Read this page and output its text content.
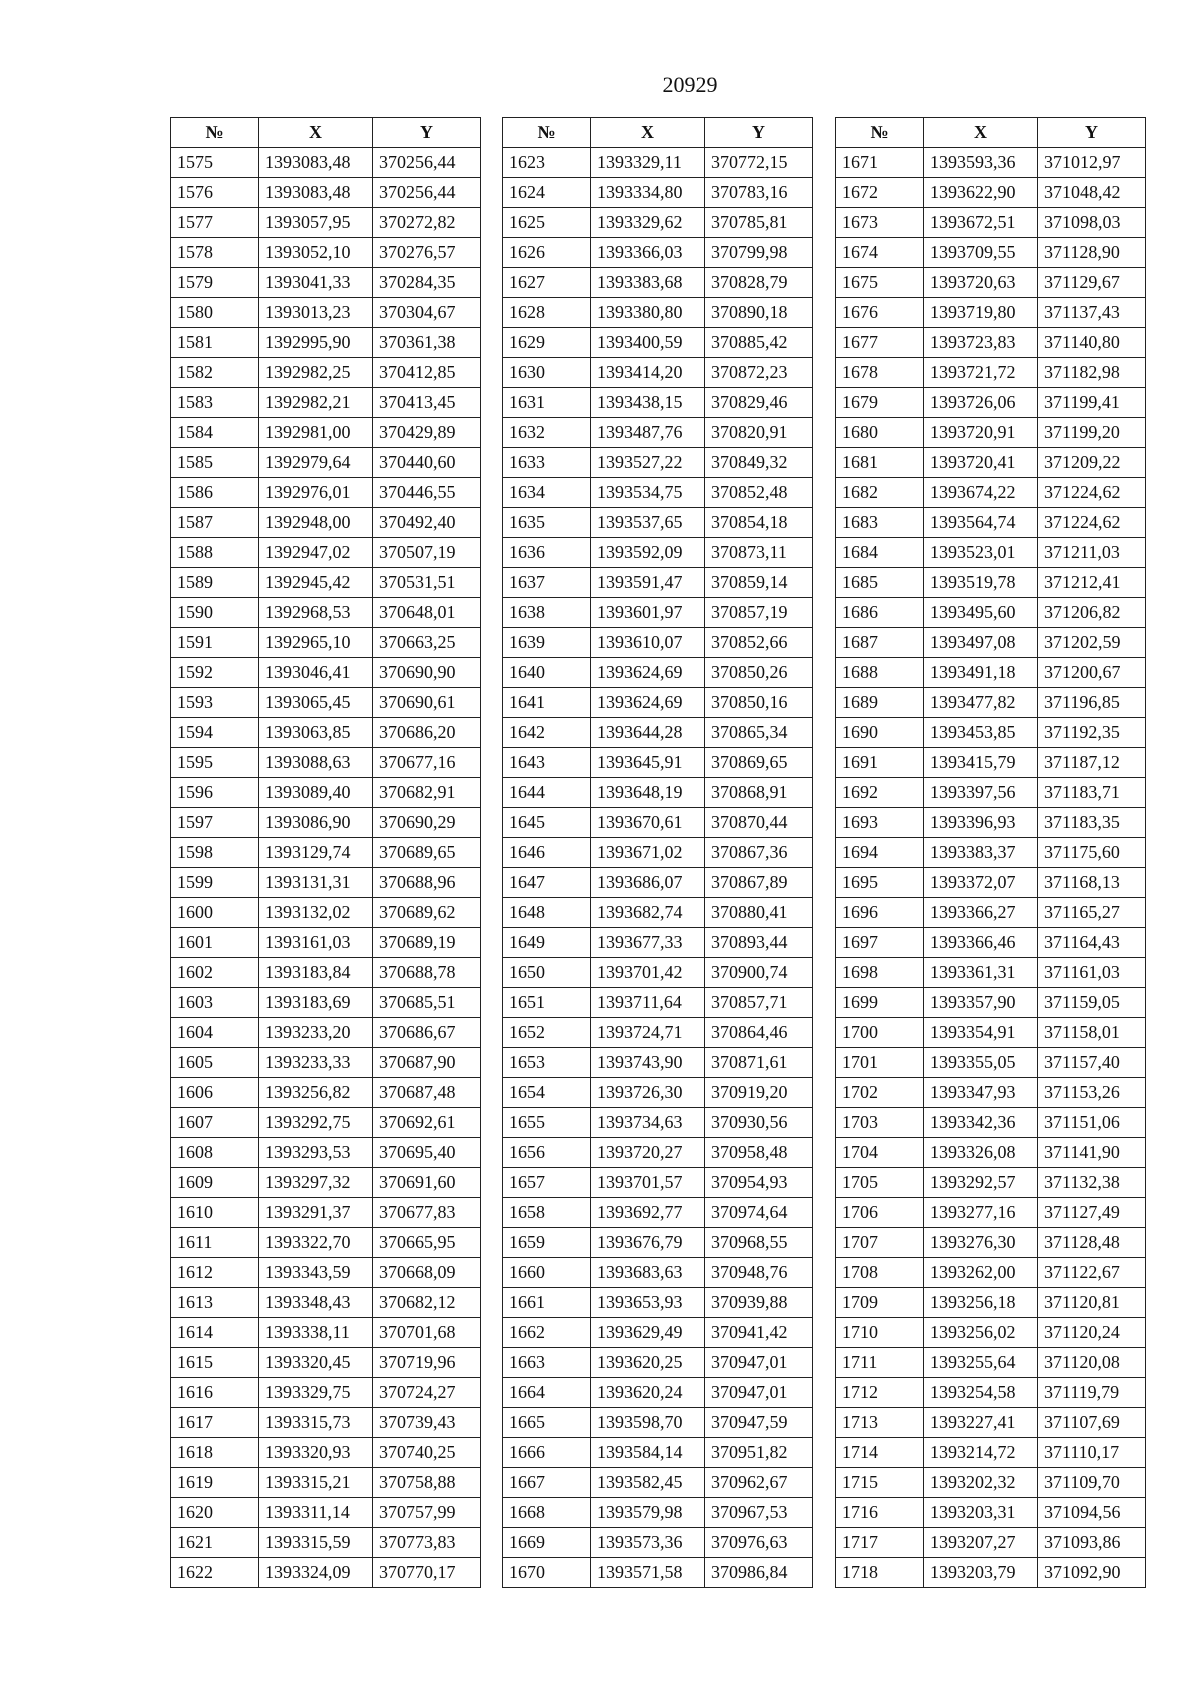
20929
№	X	Y
1575	1393083,48	370256,44
1576	1393083,48	370256,44
1577	1393057,95	370272,82
1578	1393052,10	370276,57
1579	1393041,33	370284,35
1580	1393013,23	370304,67
1581	1392995,90	370361,38
1582	1392982,25	370412,85
1583	1392982,21	370413,45
1584	1392981,00	370429,89
1585	1392979,64	370440,60
1586	1392976,01	370446,55
1587	1392948,00	370492,40
1588	1392947,02	370507,19
1589	1392945,42	370531,51
1590	1392968,53	370648,01
1591	1392965,10	370663,25
1592	1393046,41	370690,90
1593	1393065,45	370690,61
1594	1393063,85	370686,20
1595	1393088,63	370677,16
1596	1393089,40	370682,91
1597	1393086,90	370690,29
1598	1393129,74	370689,65
1599	1393131,31	370688,96
1600	1393132,02	370689,62
1601	1393161,03	370689,19
1602	1393183,84	370688,78
1603	1393183,69	370685,51
1604	1393233,20	370686,67
1605	1393233,33	370687,90
1606	1393256,82	370687,48
1607	1393292,75	370692,61
1608	1393293,53	370695,40
1609	1393297,32	370691,60
1610	1393291,37	370677,83
1611	1393322,70	370665,95
1612	1393343,59	370668,09
1613	1393348,43	370682,12
1614	1393338,11	370701,68
1615	1393320,45	370719,96
1616	1393329,75	370724,27
1617	1393315,73	370739,43
1618	1393320,93	370740,25
1619	1393315,21	370758,88
1620	1393311,14	370757,99
1621	1393315,59	370773,83
1622	1393324,09	370770,17
№	X	Y
1623	1393329,11	370772,15
1624	1393334,80	370783,16
1625	1393329,62	370785,81
1626	1393366,03	370799,98
1627	1393383,68	370828,79
1628	1393380,80	370890,18
1629	1393400,59	370885,42
1630	1393414,20	370872,23
1631	1393438,15	370829,46
1632	1393487,76	370820,91
1633	1393527,22	370849,32
1634	1393534,75	370852,48
1635	1393537,65	370854,18
1636	1393592,09	370873,11
1637	1393591,47	370859,14
1638	1393601,97	370857,19
1639	1393610,07	370852,66
1640	1393624,69	370850,26
1641	1393624,69	370850,16
1642	1393644,28	370865,34
1643	1393645,91	370869,65
1644	1393648,19	370868,91
1645	1393670,61	370870,44
1646	1393671,02	370867,36
1647	1393686,07	370867,89
1648	1393682,74	370880,41
1649	1393677,33	370893,44
1650	1393701,42	370900,74
1651	1393711,64	370857,71
1652	1393724,71	370864,46
1653	1393743,90	370871,61
1654	1393726,30	370919,20
1655	1393734,63	370930,56
1656	1393720,27	370958,48
1657	1393701,57	370954,93
1658	1393692,77	370974,64
1659	1393676,79	370968,55
1660	1393683,63	370948,76
1661	1393653,93	370939,88
1662	1393629,49	370941,42
1663	1393620,25	370947,01
1664	1393620,24	370947,01
1665	1393598,70	370947,59
1666	1393584,14	370951,82
1667	1393582,45	370962,67
1668	1393579,98	370967,53
1669	1393573,36	370976,63
1670	1393571,58	370986,84
№	X	Y
1671	1393593,36	371012,97
1672	1393622,90	371048,42
1673	1393672,51	371098,03
1674	1393709,55	371128,90
1675	1393720,63	371129,67
1676	1393719,80	371137,43
1677	1393723,83	371140,80
1678	1393721,72	371182,98
1679	1393726,06	371199,41
1680	1393720,91	371199,20
1681	1393720,41	371209,22
1682	1393674,22	371224,62
1683	1393564,74	371224,62
1684	1393523,01	371211,03
1685	1393519,78	371212,41
1686	1393495,60	371206,82
1687	1393497,08	371202,59
1688	1393491,18	371200,67
1689	1393477,82	371196,85
1690	1393453,85	371192,35
1691	1393415,79	371187,12
1692	1393397,56	371183,71
1693	1393396,93	371183,35
1694	1393383,37	371175,60
1695	1393372,07	371168,13
1696	1393366,27	371165,27
1697	1393366,46	371164,43
1698	1393361,31	371161,03
1699	1393357,90	371159,05
1700	1393354,91	371158,01
1701	1393355,05	371157,40
1702	1393347,93	371153,26
1703	1393342,36	371151,06
1704	1393326,08	371141,90
1705	1393292,57	371132,38
1706	1393277,16	371127,49
1707	1393276,30	371128,48
1708	1393262,00	371122,67
1709	1393256,18	371120,81
1710	1393256,02	371120,24
1711	1393255,64	371120,08
1712	1393254,58	371119,79
1713	1393227,41	371107,69
1714	1393214,72	371110,17
1715	1393202,32	371109,70
1716	1393203,31	371094,56
1717	1393207,27	371093,86
1718	1393203,79	371092,90
